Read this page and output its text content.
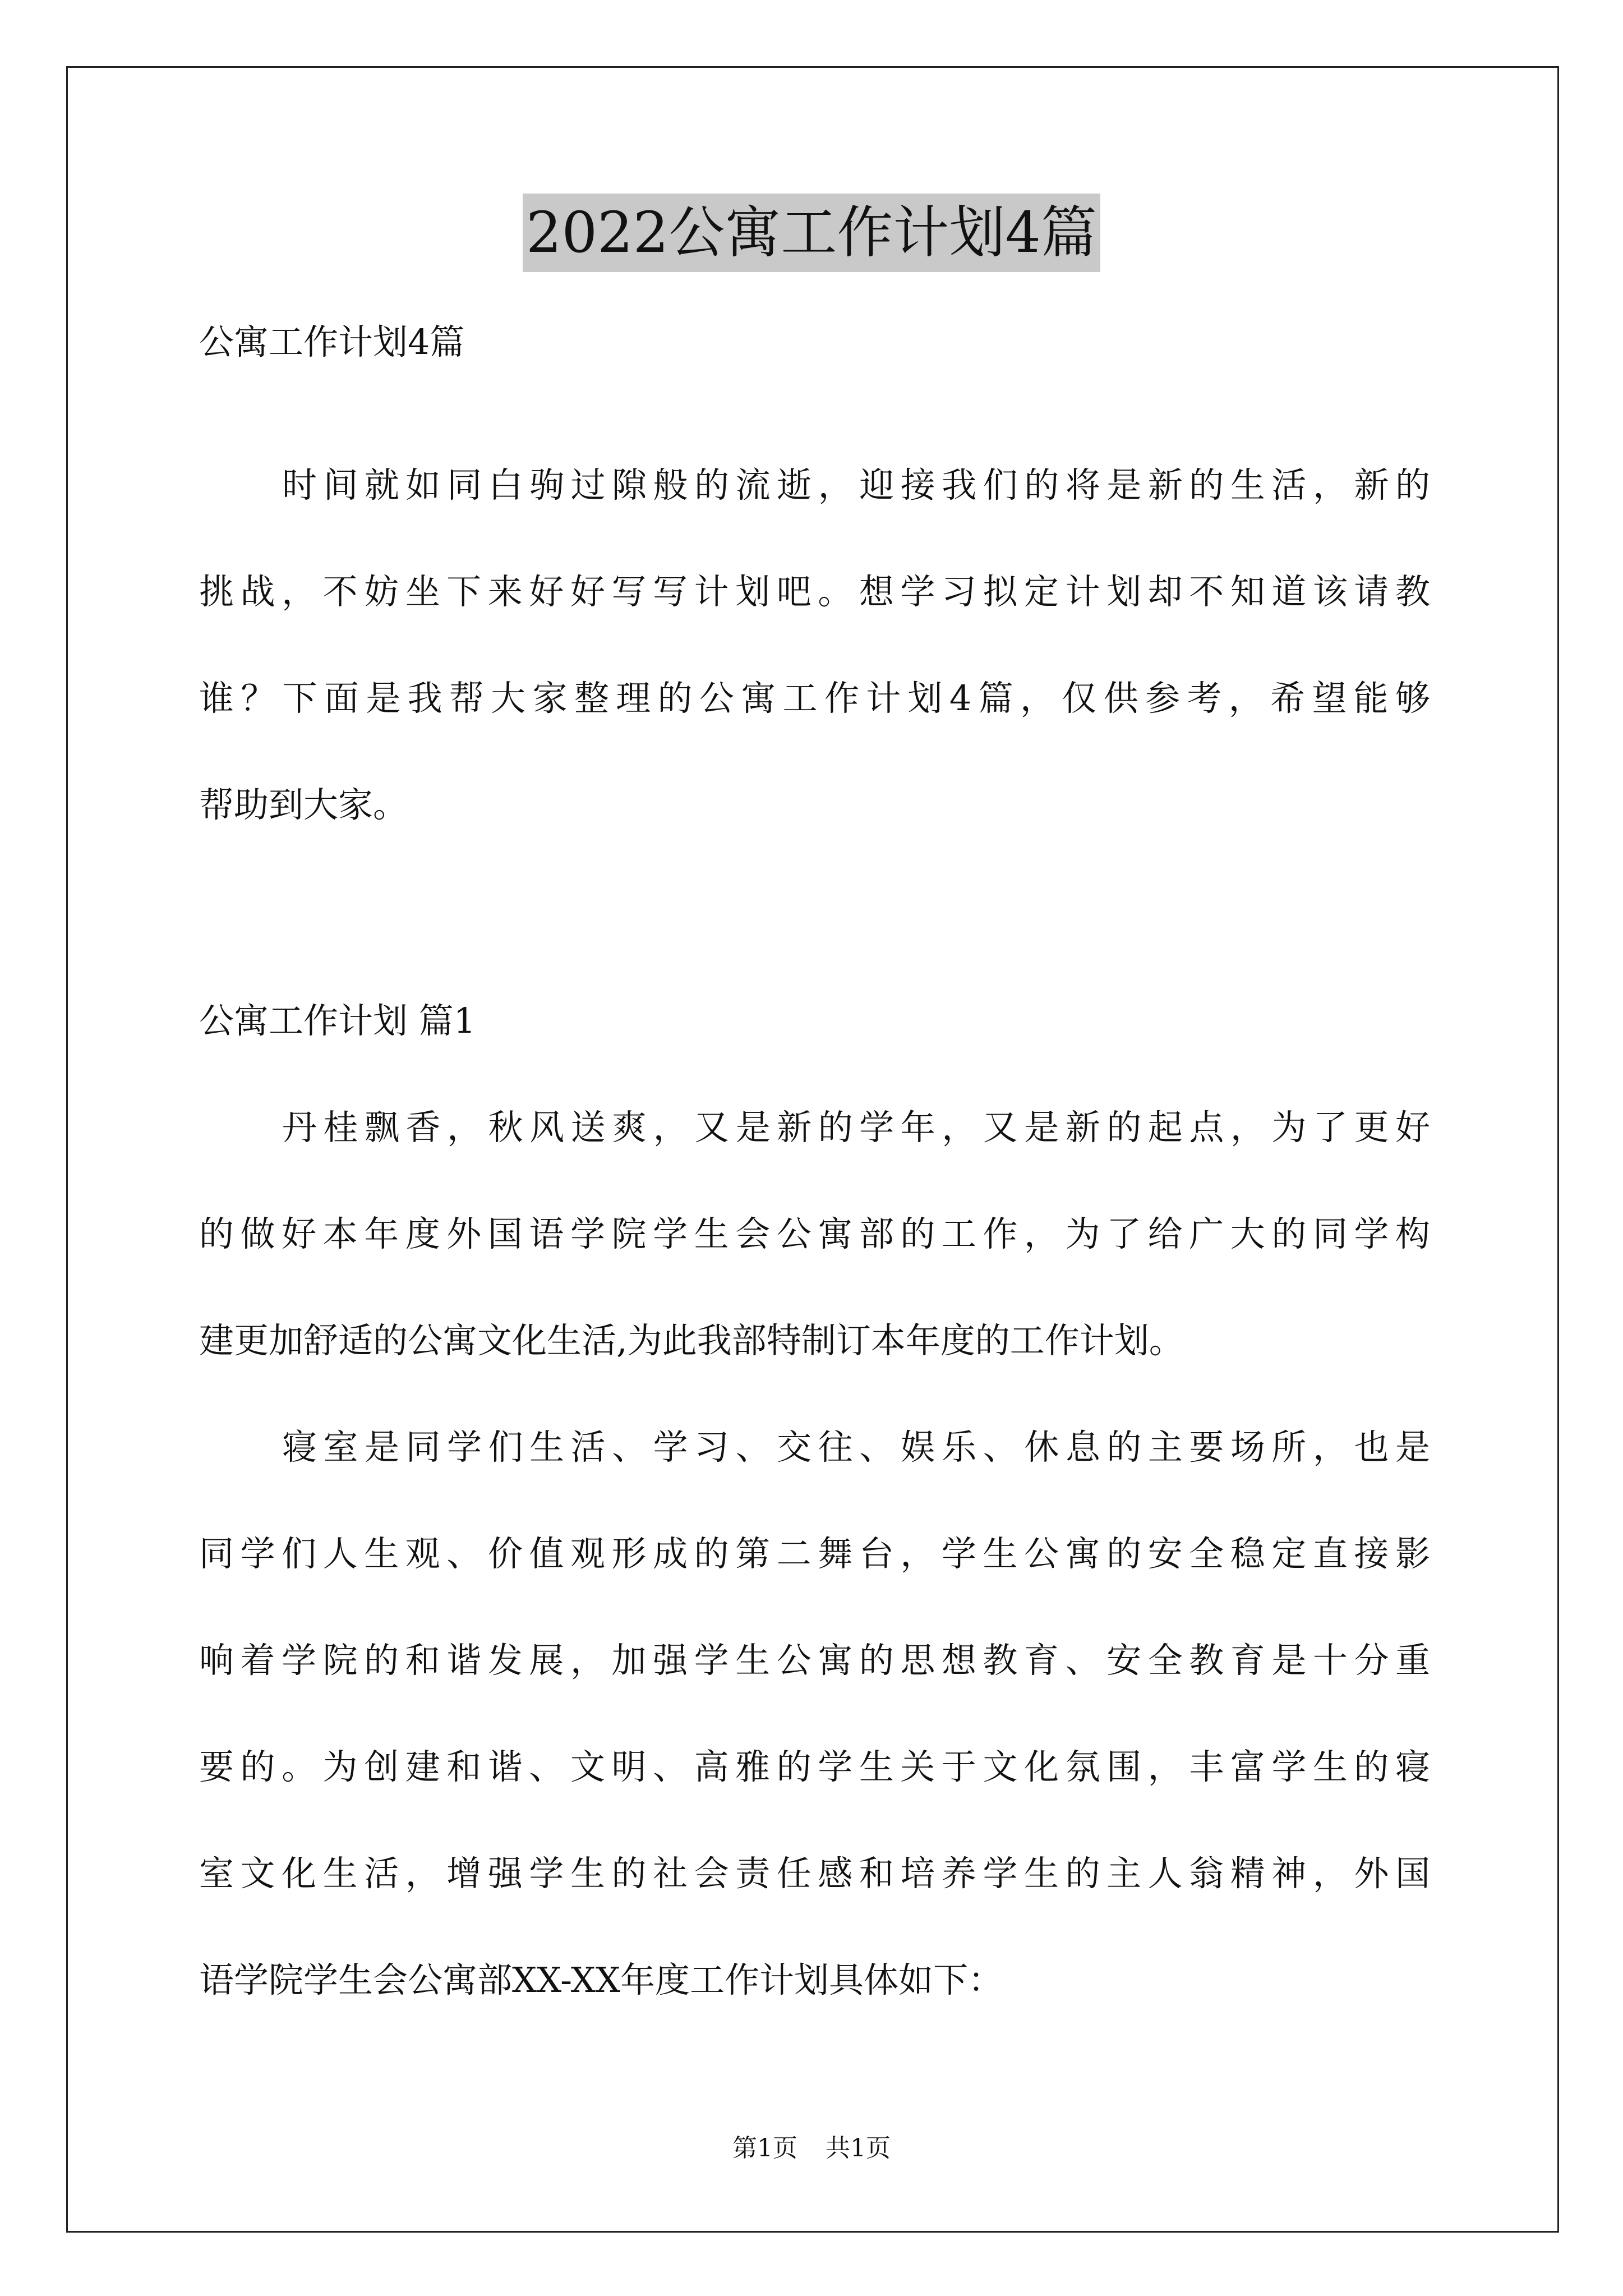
2022公寓工作计划4篇
公寓工作计划4篇
时间就如同白驹过隙般的流逝，迎接我们的将是新的生活，新的
挑战，不妨坐下来好好写写计划吧。想学习拟定计划却不知道该请教
谁？下面是我帮大家整理的公寓工作计划4篇，仅供参考，希望能够
帮助到大家。
公寓工作计划 篇1
丹桂飘香，秋风送爽，又是新的学年，又是新的起点，为了更好
的做好本年度外国语学院学生会公寓部的工作，为了给广大的同学构
建更加舒适的公寓文化生活,为此我部特制订本年度的工作计划。
寝室是同学们生活、学习、交往、娱乐、休息的主要场所，也是
同学们人生观、价值观形成的第二舞台，学生公寓的安全稳定直接影
响着学院的和谐发展，加强学生公寓的思想教育、安全教育是十分重
要的。为创建和谐、文明、高雅的学生关于文化氛围，丰富学生的寝
室文化生活，增强学生的社会责任感和培养学生的主人翁精神，外国
语学院学生会公寓部XX-XX年度工作计划具体如下：
第1页 共1页
